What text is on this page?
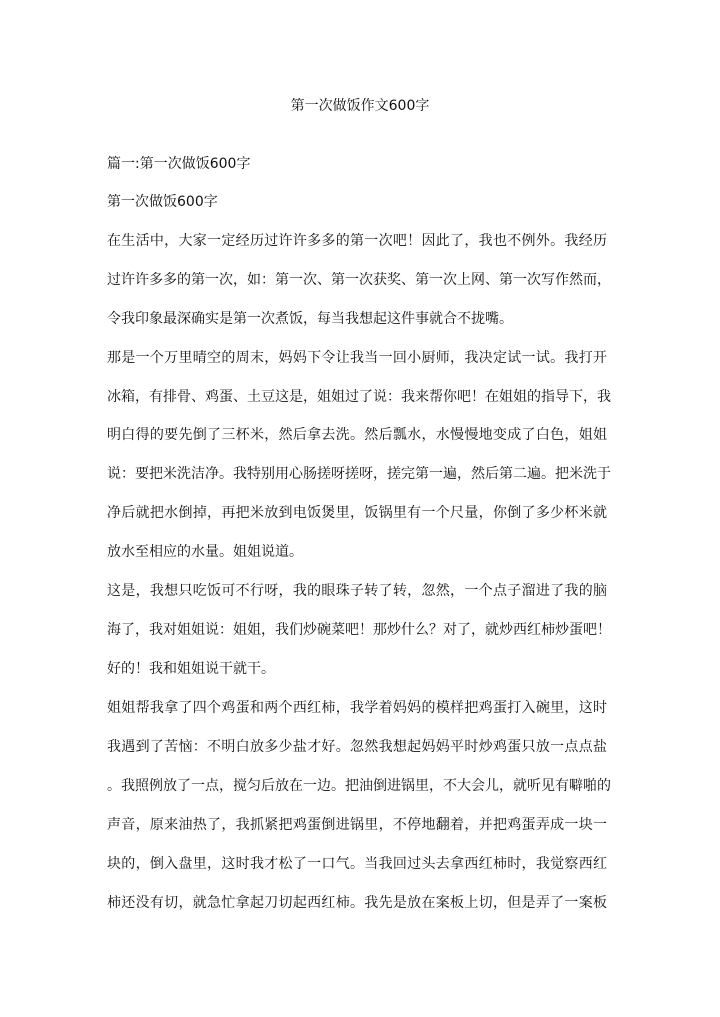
第一次做饭作文600字
篇一:第一次做饭600字
第一次做饭600字
在生活中，大家一定经历过许许多多的第一次吧！因此了，我也不例外。我经历
过许许多多的第一次，如：第一次、第一次获奖、第一次上网、第一次写作然而，
令我印象最深确实是第一次煮饭，每当我想起这件事就合不拢嘴。
那是一个万里晴空的周末，妈妈下令让我当一回小厨师，我决定试一试。我打开
冰箱，有排骨、鸡蛋、土豆这是，姐姐过了说：我来帮你吧！在姐姐的指导下，我
明白得的要先倒了三杯米，然后拿去洗。然后瓢水，水慢慢地变成了白色，姐姐
说：要把米洗洁净。我特别用心肠搓呀搓呀，搓完第一遍，然后第二遍。把米洗于
净后就把水倒掉，再把米放到电饭煲里，饭锅里有一个尺量，你倒了多少杯米就
放水至相应的水量。姐姐说道。
这是，我想只吃饭可不行呀，我的眼珠子转了转，忽然，一个点子溜进了我的脑
海了，我对姐姐说：姐姐，我们炒碗菜吧！那炒什么？对了，就炒西红柿炒蛋吧！
好的！我和姐姐说干就干。
姐姐帮我拿了四个鸡蛋和两个西红柿，我学着妈妈的模样把鸡蛋打入碗里，这时
我遇到了苦恼：不明白放多少盐才好。忽然我想起妈妈平时炒鸡蛋只放一点点盐
。我照例放了一点，搅匀后放在一边。把油倒进锅里，不大会儿，就听见有噼啪的
声音，原来油热了，我抓紧把鸡蛋倒进锅里，不停地翻着，并把鸡蛋弄成一块一
块的，倒入盘里，这时我才松了一口气。当我回过头去拿西红柿时，我觉察西红
柿还没有切，就急忙拿起刀切起西红柿。我先是放在案板上切，但是弄了一案板
